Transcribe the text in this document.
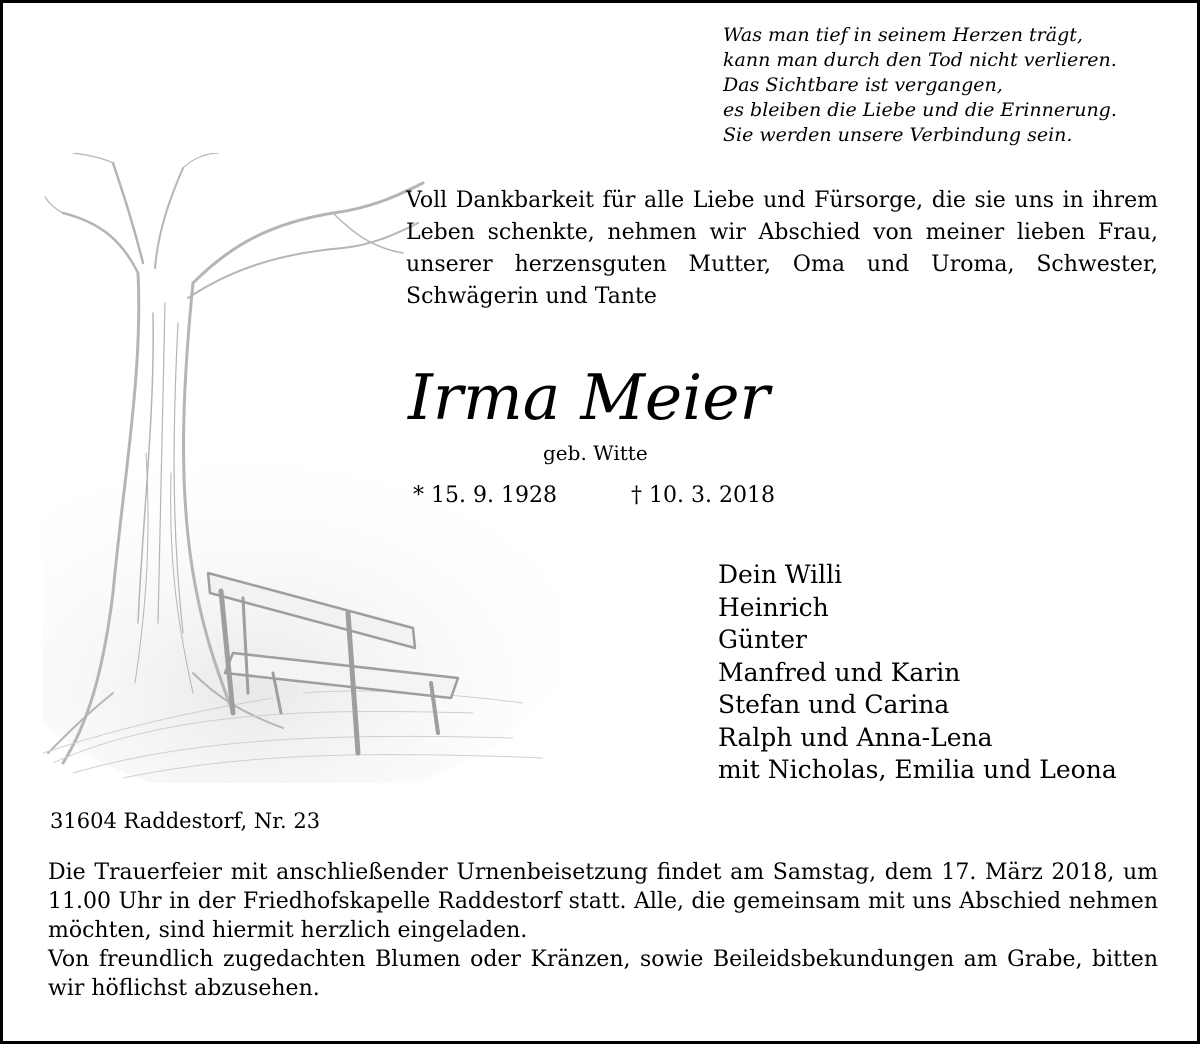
Was man tief in seinem Herzen trägt,
kann man durch den Tod nicht verlieren.
Das Sichtbare ist vergangen,
es bleiben die Liebe und die Erinnerung.
Sie werden unsere Verbindung sein.
Voll Dankbarkeit für alle Liebe und Fürsorge, die sie uns in ihrem Leben schenkte, nehmen wir Abschied von meiner lieben Frau, unserer herzensguten Mutter, Oma und Uroma, Schwester, Schwägerin und Tante
Irma Meier
geb. Witte
* 15. 9. 1928	† 10. 3. 2018
Dein Willi
Heinrich
Günter
Manfred und Karin
Stefan und Carina
Ralph und Anna-Lena
mit Nicholas, Emilia und Leona
31604 Raddestorf, Nr. 23

Die Trauerfeier mit anschließender Urnenbeisetzung findet am Samstag, dem 17. März 2018, um 11.00 Uhr in der Friedhofskapelle Raddestorf statt. Alle, die gemeinsam mit uns Abschied nehmen möchten, sind hiermit herzlich eingeladen.

Von freundlich zugedachten Blumen oder Kränzen, sowie Beileidsbekundungen am Grabe, bitten wir höflichst abzusehen.
